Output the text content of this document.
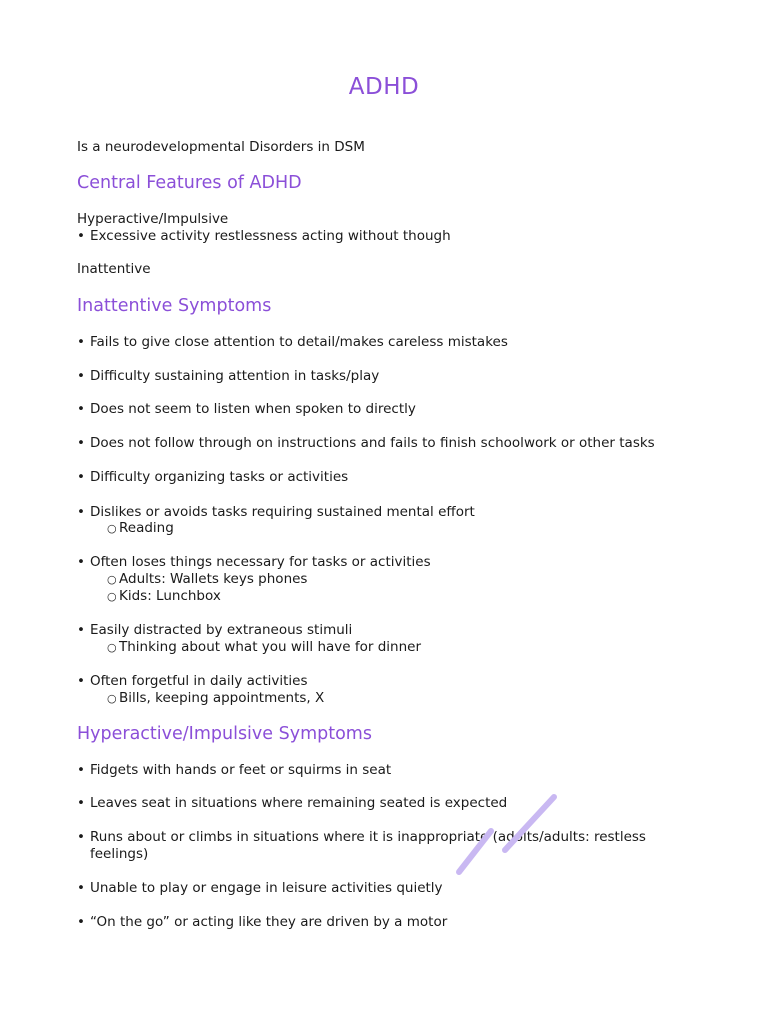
ADHD
Is a neurodevelopmental Disorders in DSM
Central Features of ADHD
Hyperactive/Impulsive
• Excessive activity restlessness acting without though
Inattentive
Inattentive Symptoms
• Fails to give close attention to detail/makes careless mistakes
• Difficulty sustaining attention in tasks/play
• Does not seem to listen when spoken to directly
• Does not follow through on instructions and fails to finish schoolwork or other tasks
• Difficulty organizing tasks or activities
• Dislikes or avoids tasks requiring sustained mental effort
○ Reading
• Often loses things necessary for tasks or activities
○ Adults: Wallets keys phones
○ Kids: Lunchbox
• Easily distracted by extraneous stimuli
○ Thinking about what you will have for dinner
• Often forgetful in daily activities
○ Bills, keeping appointments, X
Hyperactive/Impulsive Symptoms
• Fidgets with hands or feet or squirms in seat
• Leaves seat in situations where remaining seated is expected
• Runs about or climbs in situations where it is inappropriate (adolts/adults: restless
feelings)
• Unable to play or engage in leisure activities quietly
• “On the go” or acting like they are driven by a motor
